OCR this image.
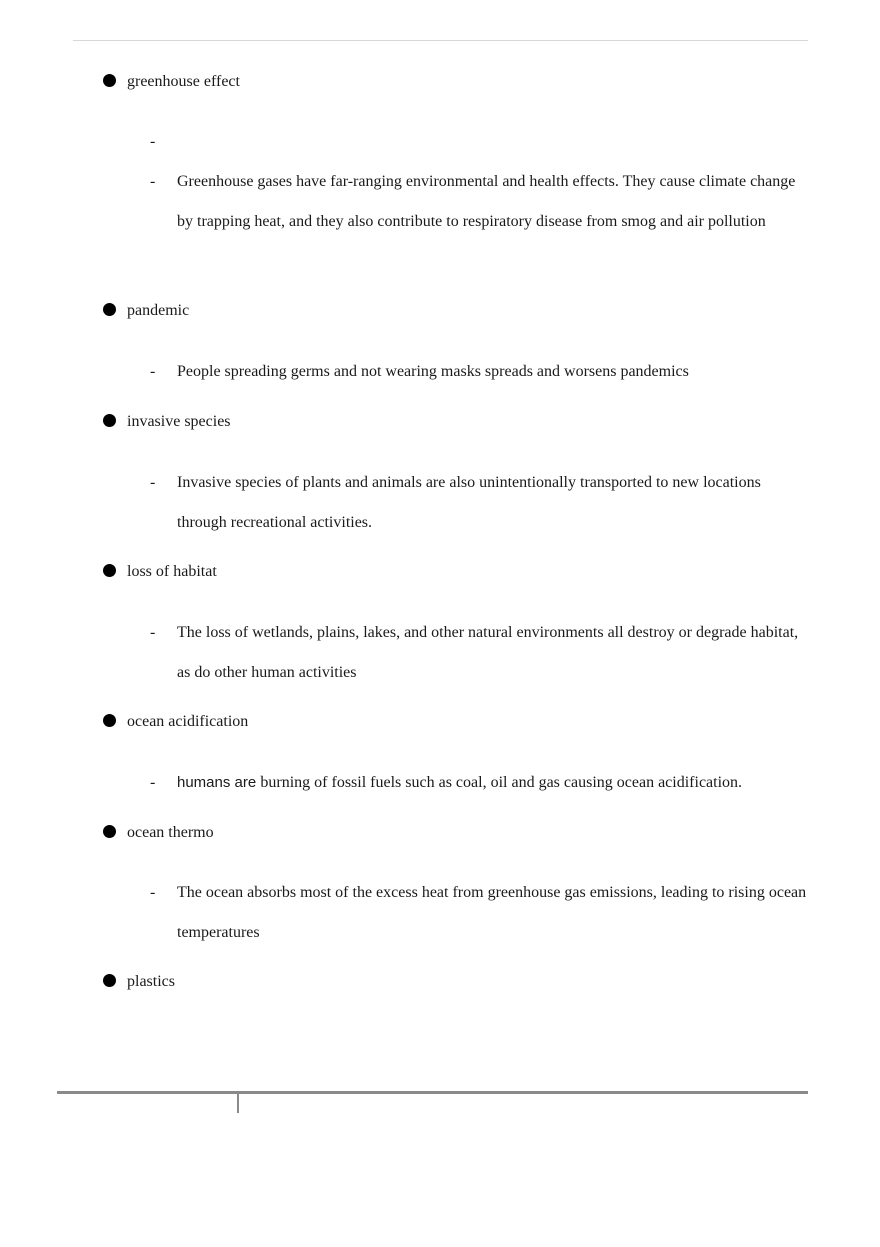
greenhouse effect
-
- Greenhouse gases have far-ranging environmental and health effects. They cause climate change by trapping heat, and they also contribute to respiratory disease from smog and air pollution
pandemic
- People spreading germs and not wearing masks spreads and worsens pandemics
invasive species
- Invasive species of plants and animals are also unintentionally transported to new locations through recreational activities.
loss of habitat
- The loss of wetlands, plains, lakes, and other natural environments all destroy or degrade habitat, as do other human activities
ocean acidification
- humans are burning of fossil fuels such as coal, oil and gas causing ocean acidification.
ocean thermo
- The ocean absorbs most of the excess heat from greenhouse gas emissions, leading to rising ocean temperatures
plastics
